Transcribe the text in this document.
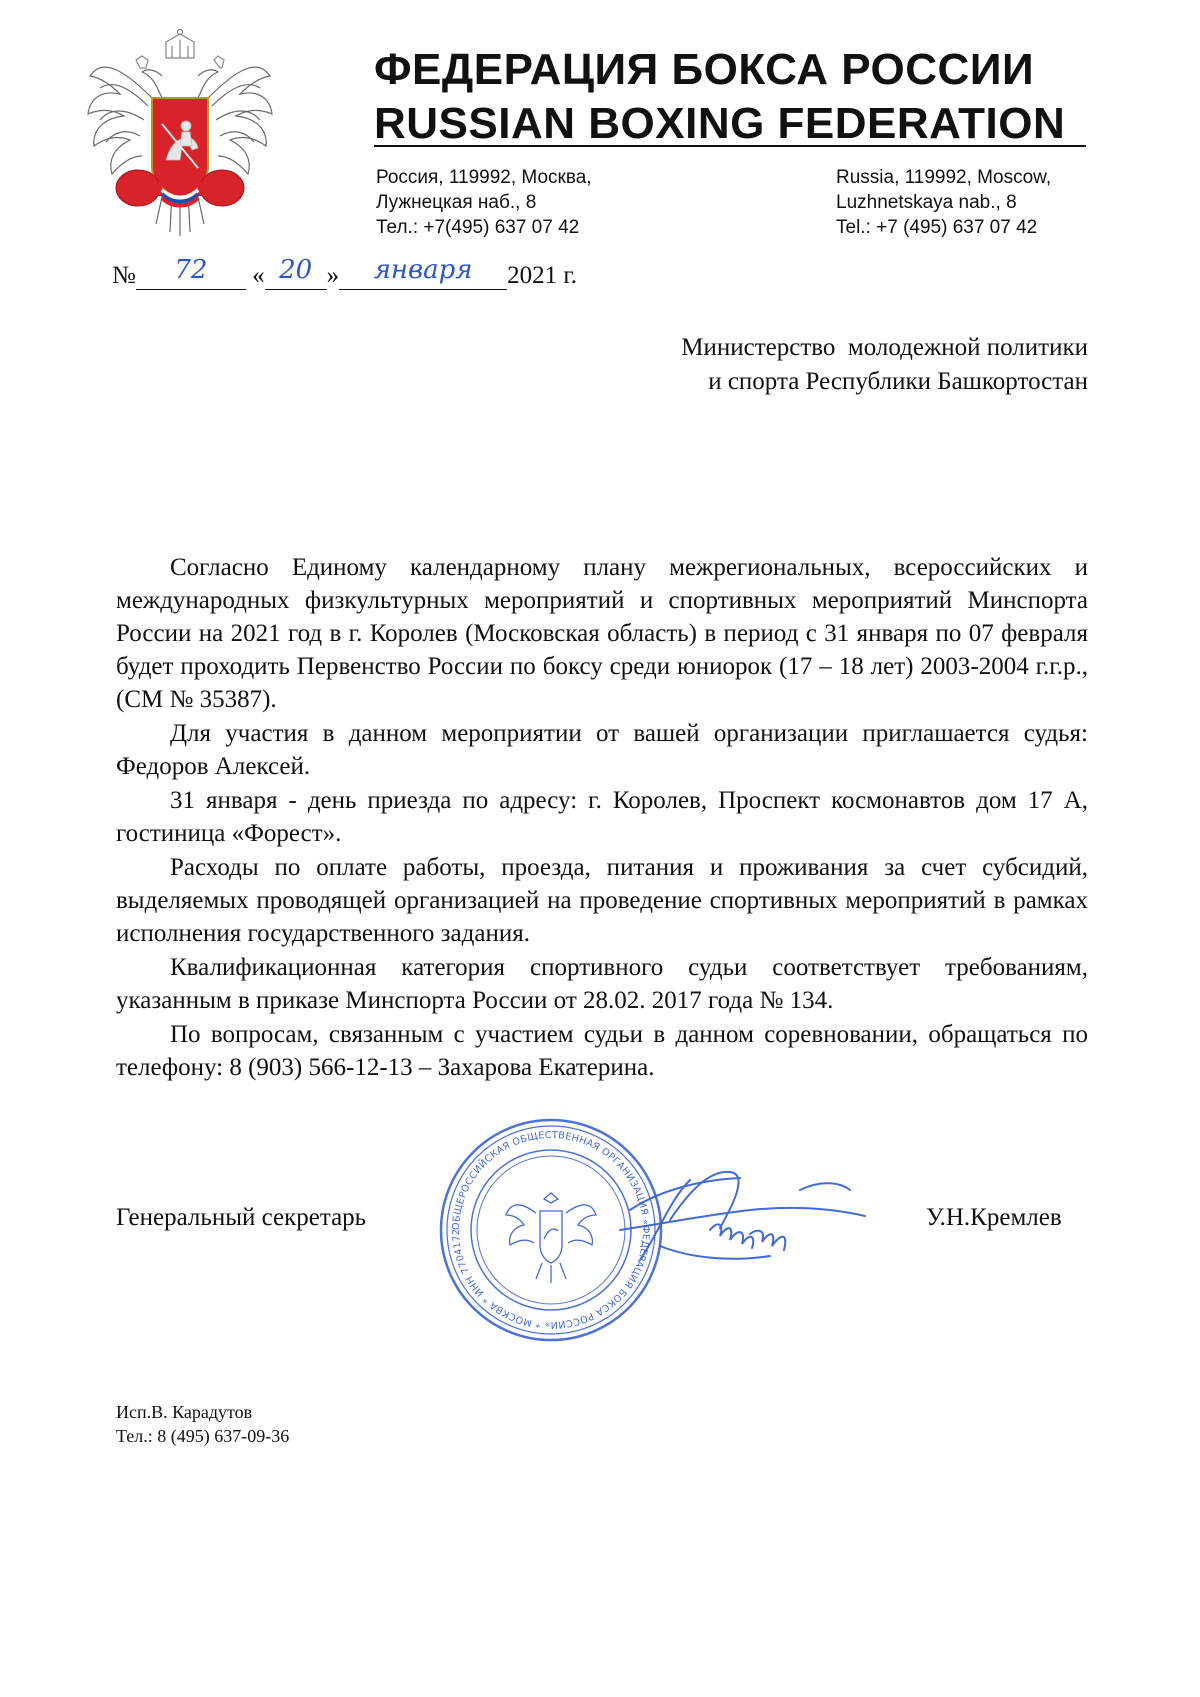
ФЕДЕРАЦИЯ БОКСА РОССИИ
RUSSIAN BOXING FEDERATION
Россия, 119992, Москва,
Лужнецкая наб., 8
Тел.: +7(495) 637 07 42
Russia, 119992, Moscow,
Luzhnetskaya nab., 8
Tel.: +7 (495) 637 07 42
№ 72 « 20 » января 2021 г.
Министерство  молодежной политики
и спорта Республики Башкортостан

Согласно Единому календарному плану межрегиональных, всероссийских и международных физкультурных мероприятий и спортивных мероприятий Минспорта России на 2021 год в г. Королев (Московская область) в период с 31 января по 07 февраля будет проходить Первенство России по боксу среди юниорок (17 – 18 лет) 2003-2004 г.г.р., (СМ № 35387).

Для участия в данном мероприятии от вашей организации приглашается судья: Федоров Алексей.

31 января - день приезда по адресу: г. Королев, Проспект космонавтов дом 17 А, гостиница «Форест».

Расходы по оплате работы, проезда, питания и проживания за счет субсидий, выделяемых проводящей организацией на проведение спортивных мероприятий в рамках исполнения государственного задания.

Квалификационная категория спортивного судьи соответствует требованиям, указанным в приказе Минспорта России от 28.02. 2017 года № 134.

По вопросам, связанным с участием судьи в данном соревновании, обращаться по телефону: 8 (903) 566-12-13 – Захарова Екатерина.

Генеральный секретарь	У.Н.Кремлев
ОБЩЕРОССИЙСКАЯ ОБЩЕСТВЕННАЯ ОРГАНИЗАЦИЯ «ФЕДЕРАЦИЯ БОКСА РОССИИ» * МОСКВА * ИНН 7704172
Исп.В. Карадутов
Тел.: 8 (495) 637-09-36
